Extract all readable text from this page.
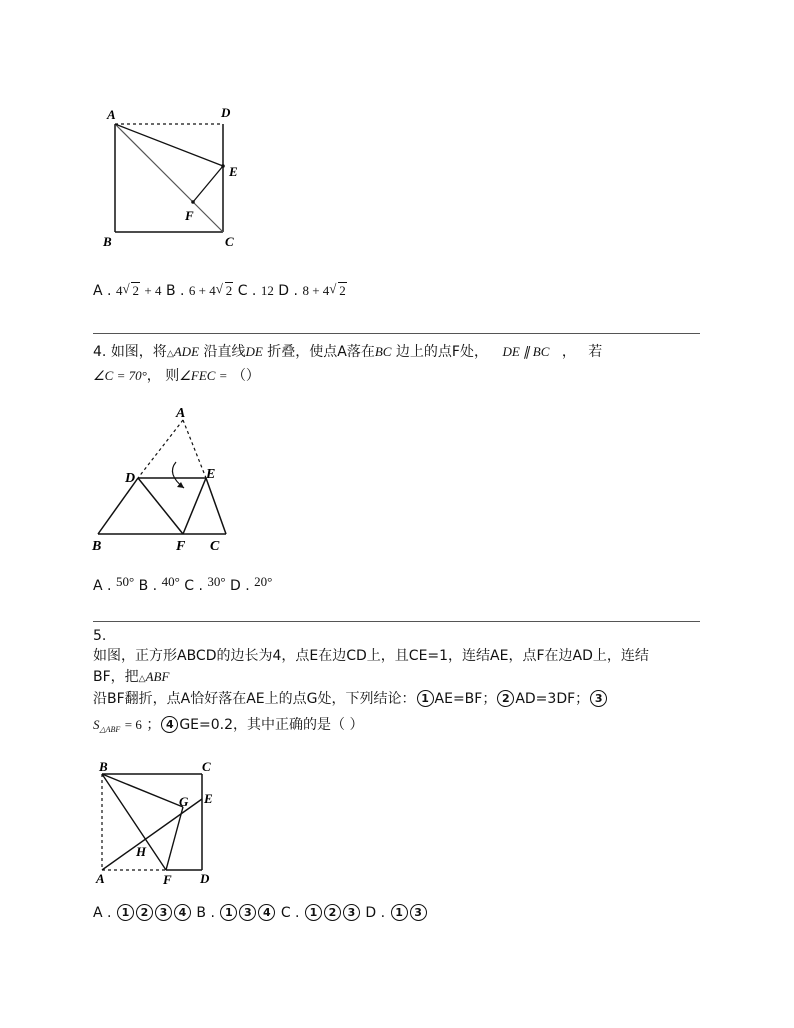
A	D
E
F
B	C
A . 4 √ 2 + 4 B . 6 + 4 √ 2 C . 12 D . 8 + 4 √ 2
4. 如图，将△ADE 沿直线DE 折叠，使点A落在BC 边上的点F处， DE ∥ BC ， 若
∠C = 70°， 则∠FEC = （）
A
D	E
B	F C
A . 50° B . 40° C . 30° D . 20°
5.
如图，正方形ABCD的边长为4，点E在边CD上，且CE=1，连结AE，点F在边AD上，连结
BF，把△ABF
沿BF翻折，点A恰好落在AE上的点G处，下列结论： 1 AE=BF； 2 AD=3DF； 3
$S_{\triangle ABF} = 6$ ； 4 GE=0.2，其中正确的是（ ）
B	C
G E
H
A	F D
A . 1 2 3 4 B . 1 3 4 C . 1 2 3 D . 1 3
